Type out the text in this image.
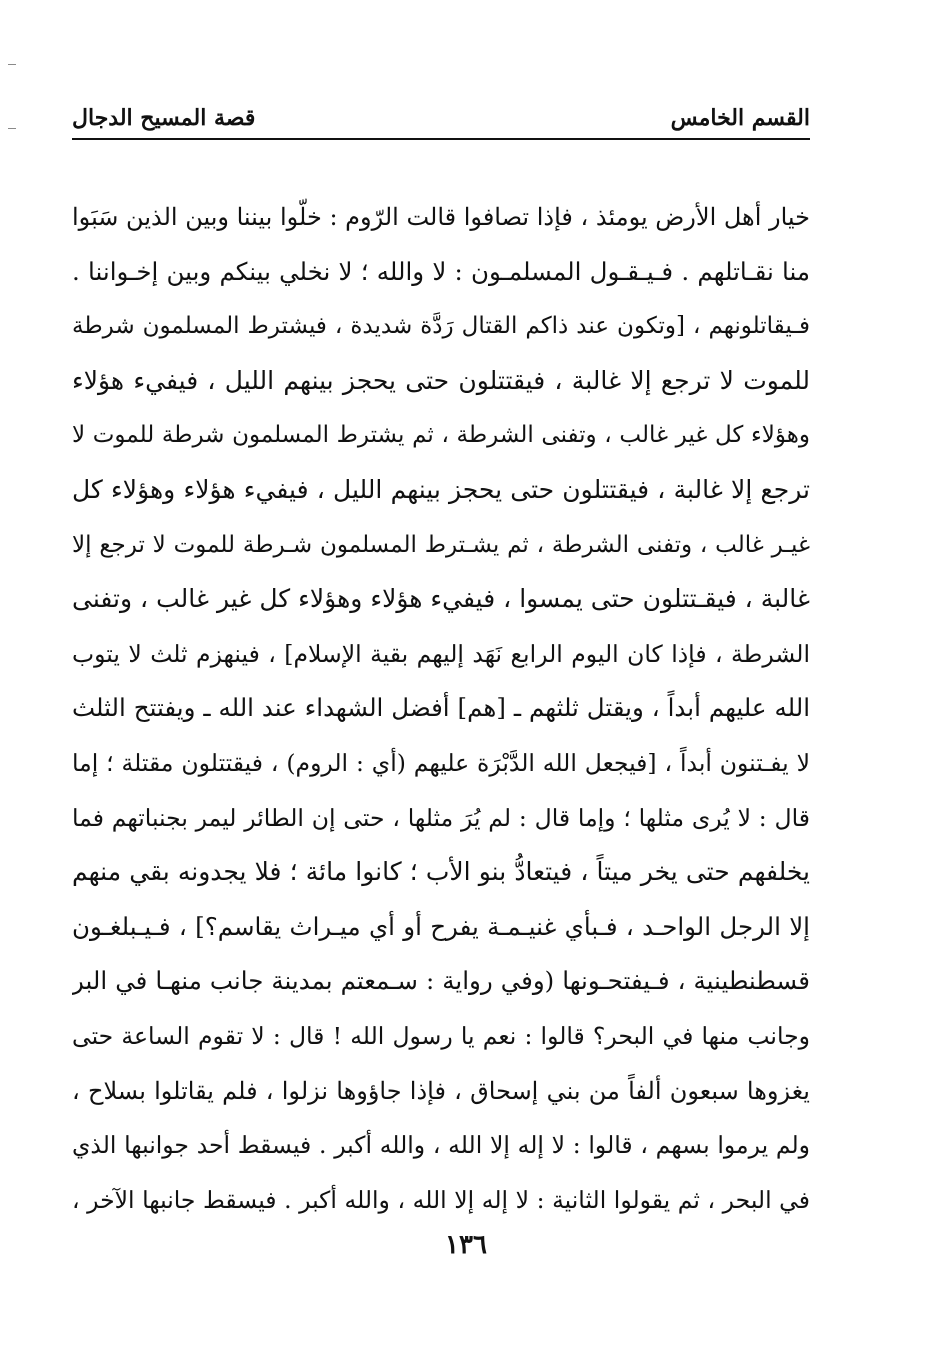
القسم الخامس
قصة المسيح الدجال
خيار أهل الأرض يومئذ ، فإذا تصافوا قالت الرّوم : خلّوا بيننا وبين الذين سَبَوا
منا نقـاتلهم . فـيـقـول المسلمـون : لا والله ؛ لا نخلي بينكم وبين إخـواننا .
فـيقاتلونهم ، [وتكون عند ذاكم القتال رَدَّة شديدة ، فيشترط المسلمون شرطة
للموت لا ترجع إلا غالبة ، فيقتتلون حتى يحجز بينهم الليل ، فيفيء هؤلاء
وهؤلاء كل غير غالب ، وتفنى الشرطة ، ثم يشترط المسلمون شرطة للموت لا
ترجع إلا غالبة ، فيقتتلون حتى يحجز بينهم الليل ، فيفيء هؤلاء وهؤلاء كل
غيـر غالب ، وتفنى الشرطة ، ثم يشـترط المسلمون شـرطة للموت لا ترجع إلا
غالبة ، فيقـتتلون حتى يمسوا ، فيفيء هؤلاء وهؤلاء كل غير غالب ، وتفنى
الشرطة ، فإذا كان اليوم الرابع نَهَد إليهم بقية الإسلام] ، فينهزم ثلث لا يتوب
الله عليهم أبداً ، ويقتل ثلثهم ـ [هم] أفضل الشهداء عند الله ـ ويفتتح الثلث
لا يفـتنون أبداً ، [فيجعل الله الدَّبْرَة عليهم (أي : الروم) ، فيقتتلون مقتلة ؛ إما
قال : لا يُرى مثلها ؛ وإما قال : لم يُرَ مثلها ، حتى إن الطائر ليمر بجنباتهم فما
يخلفهم حتى يخر ميتاً ، فيتعادُّ بنو الأب ؛ كانوا مائة ؛ فلا يجدونه بقي منهم
إلا الرجل الواحـد ، فـبأي غنيـمـة يفرح أو أي ميـراث يقاسم؟] ، فـيـبلغـون
قسطنطينية ، فـيفتحـونها (وفي رواية : سـمعتم بمدينة جانب منهـا في البر
وجانب منها في البحر؟ قالوا : نعم يا رسول الله ! قال : لا تقوم الساعة حتى
يغزوها سبعون ألفاً من بني إسحاق ، فإذا جاؤوها نزلوا ، فلم يقاتلوا بسلاح ،
ولم يرموا بسهم ، قالوا : لا إله إلا الله ، والله أكبر . فيسقط أحد جوانبها الذي
في البحر ، ثم يقولوا الثانية : لا إله إلا الله ، والله أكبر . فيسقط جانبها الآخر ،
١٣٦
